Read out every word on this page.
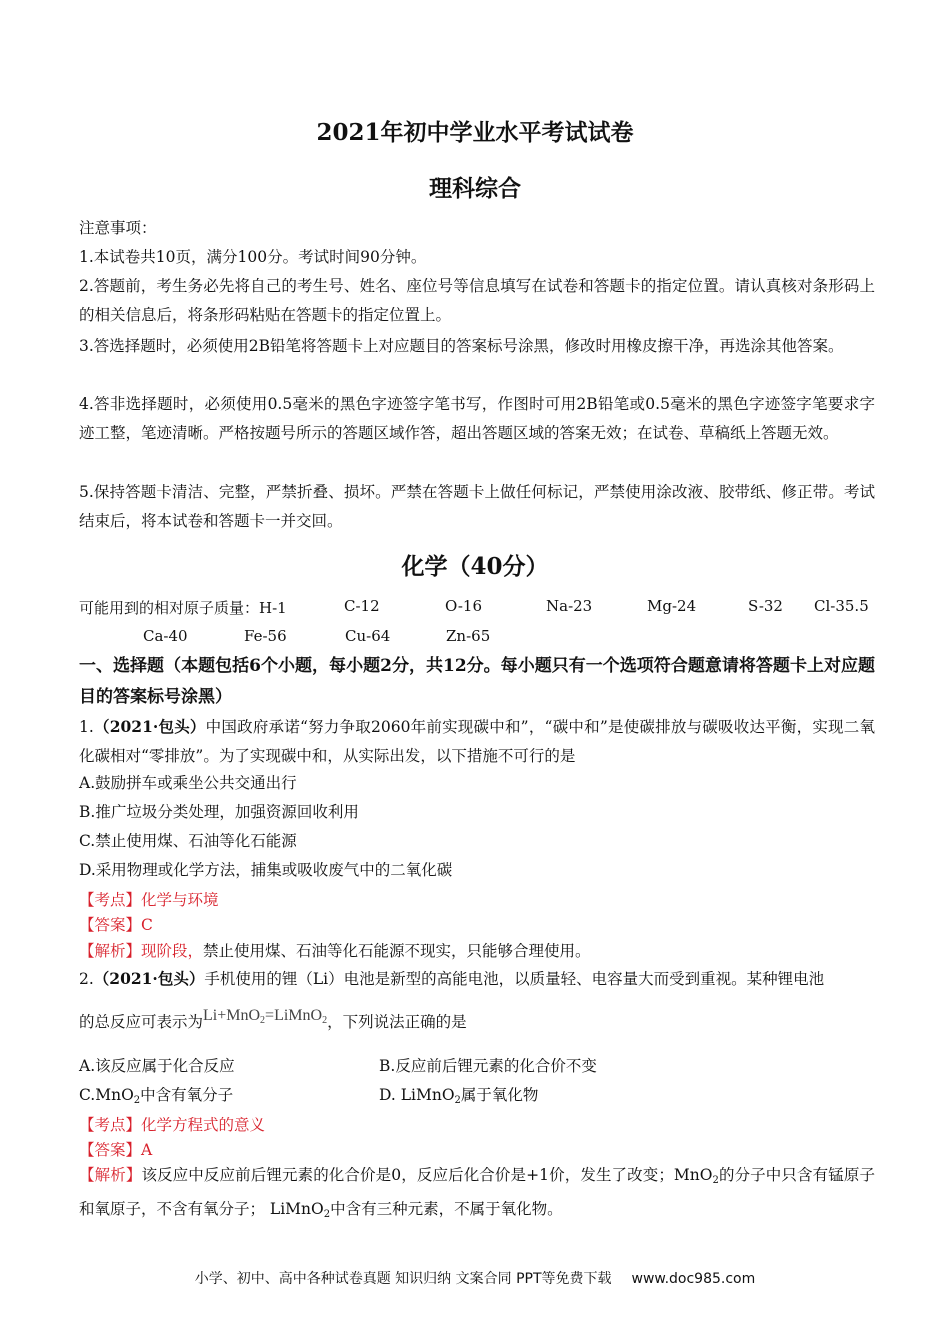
2021年初中学业水平考试试卷
理科综合
注意事项：
1.本试卷共10页，满分100分。考试时间90分钟。
2.答题前，考生务必先将自己的考生号、姓名、座位号等信息填写在试卷和答题卡的指定位置。请认真核对条形码上的相关信息后，将条形码粘贴在答题卡的指定位置上。
3.答选择题时，必须使用2B铅笔将答题卡上对应题目的答案标号涂黑，修改时用橡皮擦干净，再选涂其他答案。
4.答非选择题时，必须使用0.5毫米的黑色字迹签字笔书写，作图时可用2B铅笔或0.5毫米的黑色字迹签字笔要求字迹工整，笔迹清晰。严格按题号所示的答题区域作答，超出答题区域的答案无效；在试卷、草稿纸上答题无效。
5.保持答题卡清洁、完整，严禁折叠、损坏。严禁在答题卡上做任何标记，严禁使用涂改液、胶带纸、修正带。考试结束后，将本试卷和答题卡一并交回。
化学（40分）
可能用到的相对原子质量：H-1	C-12	O-16	Na-23	Mg-24	S-32 Cl-35.5
Ca-40	Fe-56	Cu-64	Zn-65
一、选择题（本题包括6个小题，每小题2分，共12分。每小题只有一个选项符合题意请将答题卡上对应题目的答案标号涂黑）
1.（2021·包头）中国政府承诺“努力争取2060年前实现碳中和”，“碳中和”是使碳排放与碳吸收达平衡，实现二氧化碳相对“零排放”。为了实现碳中和，从实际出发，以下措施不可行的是
A.鼓励拼车或乘坐公共交通出行
B.推广垃圾分类处理，加强资源回收利用
C.禁止使用煤、石油等化石能源
D.采用物理或化学方法，捕集或吸收废气中的二氧化碳
【考点】化学与环境
【答案】C
【解析】现阶段，禁止使用煤、石油等化石能源不现实，只能够合理使用。
2.（2021·包头）手机使用的锂（Li）电池是新型的高能电池，以质量轻、电容量大而受到重视。某种锂电池
的总反应可表示为Li+MnO$_2$=LiMnO$_2$，下列说法正确的是
A.该反应属于化合反应	B.反应前后锂元素的化合价不变
C.MnO$_2$中含有氧分子	D. LiMnO$_2$属于氧化物
【考点】化学方程式的意义
【答案】A
【解析】该反应中反应前后锂元素的化合价是0，反应后化合价是+1价，发生了改变；MnO$_2$的分子中只含有锰原子和氧原子，不含有氧分子； LiMnO$_2$中含有三种元素，不属于氧化物。
小学、初中、高中各种试卷真题 知识归纳 文案合同 PPT等免费下载 www.doc985.com
